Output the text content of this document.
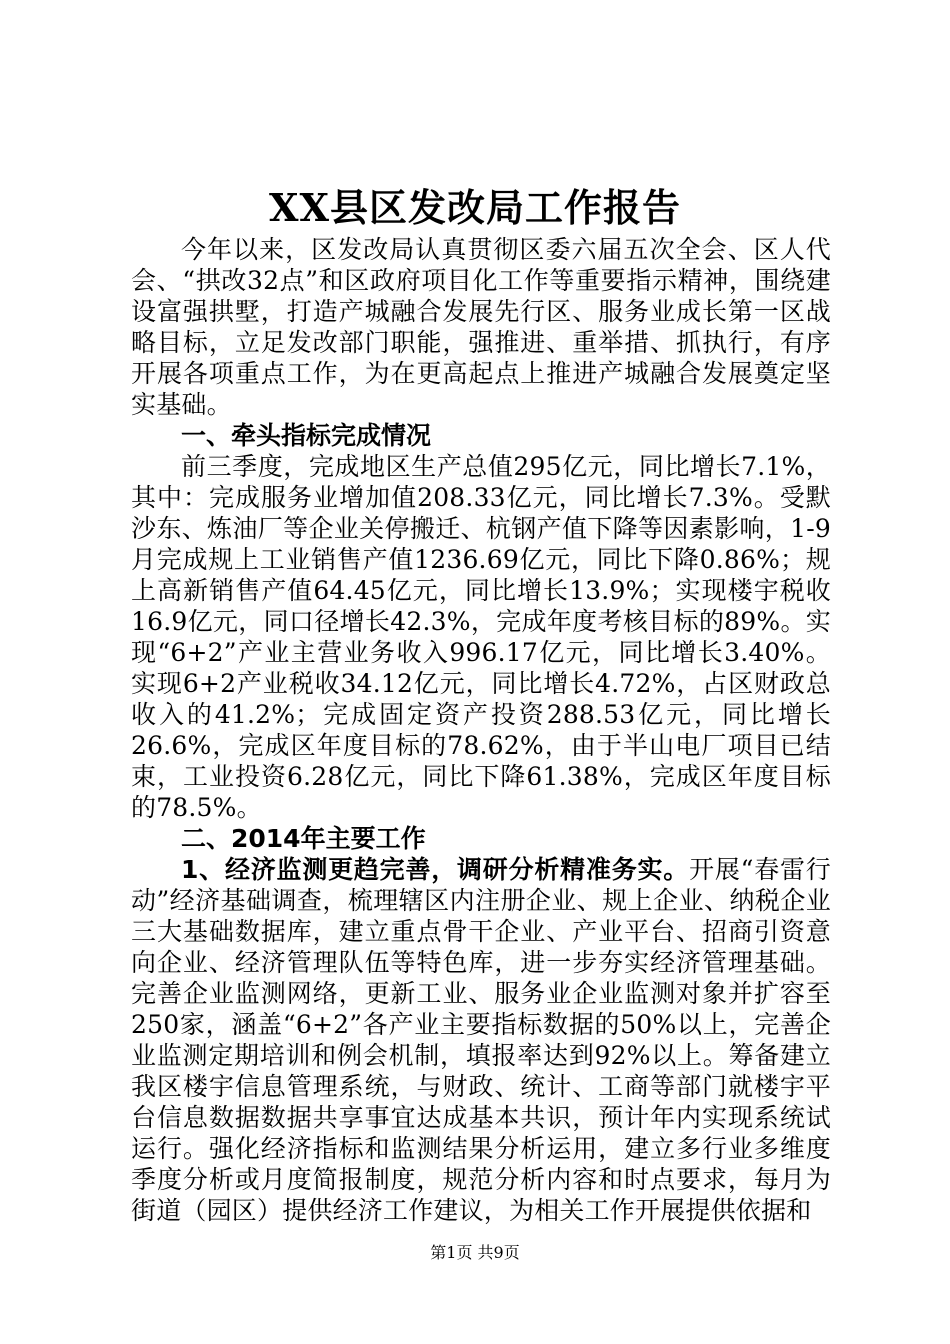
XX县区发改局工作报告

今年以来，区发改局认真贯彻区委六届五次全会、区人代会、“拱改32点”和区政府项目化工作等重要指示精神，围绕建设富强拱墅，打造产城融合发展先行区、服务业成长第一区战略目标，立足发改部门职能，强推进、重举措、抓执行，有序开展各项重点工作，为在更高起点上推进产城融合发展奠定坚实基础。

一、牵头指标完成情况

前三季度，完成地区生产总值295亿元，同比增长7.1%，其中：完成服务业增加值208.33亿元，同比增长7.3%。受默沙东、炼油厂等企业关停搬迁、杭钢产值下降等因素影响，1-9月完成规上工业销售产值1236.69亿元，同比下降0.86%；规上高新销售产值64.45亿元，同比增长13.9%；实现楼宇税收16.9亿元，同口径增长42.3%，完成年度考核目标的89%。实现“6+2”产业主营业务收入996.17亿元，同比增长3.40%。实现6+2产业税收34.12亿元，同比增长4.72%，占区财政总收入的41.2%；完成固定资产投资288.53亿元，同比增长26.6%，完成区年度目标的78.62%，由于半山电厂项目已结束，工业投资6.28亿元，同比下降61.38%，完成区年度目标的78.5%。

二、2014年主要工作

1、经济监测更趋完善，调研分析精准务实。开展“春雷行动”经济基础调查，梳理辖区内注册企业、规上企业、纳税企业三大基础数据库，建立重点骨干企业、产业平台、招商引资意向企业、经济管理队伍等特色库，进一步夯实经济管理基础。完善企业监测网络，更新工业、服务业企业监测对象并扩容至250家，涵盖“6+2”各产业主要指标数据的50%以上，完善企业监测定期培训和例会机制，填报率达到92%以上。筹备建立我区楼宇信息管理系统，与财政、统计、工商等部门就楼宇平台信息数据数据共享事宜达成基本共识，预计年内实现系统试运行。强化经济指标和监测结果分析运用，建立多行业多维度季度分析或月度简报制度，规范分析内容和时点要求，每月为街道（园区）提供经济工作建议，为相关工作开展提供依据和

第1页 共9页
